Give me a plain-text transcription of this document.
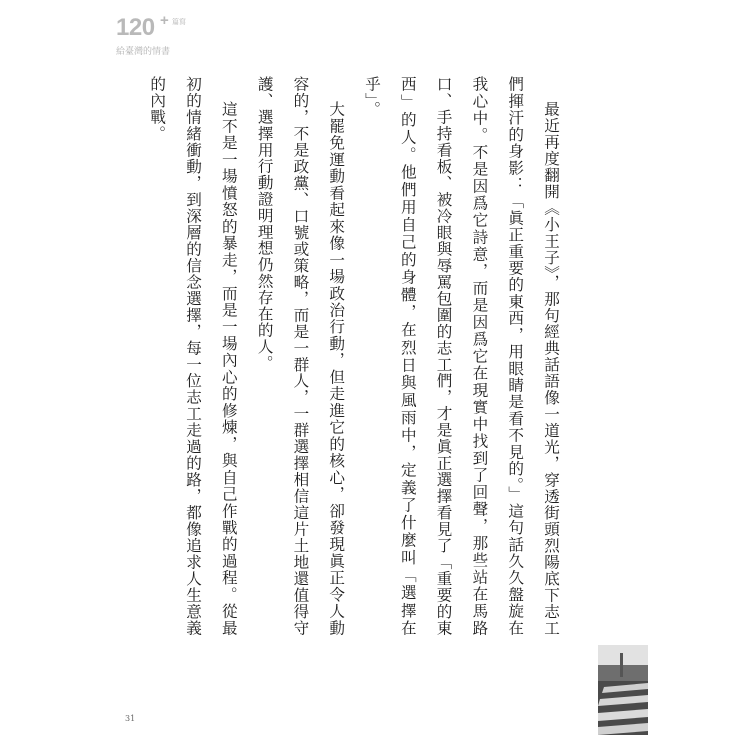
120 + 篇寫
給臺灣的情書

最近再度翻開《小王子》，那句經典話語像一道光，穿透街頭烈陽底下志工們揮汗的身影：「眞正重要的東西，用眼睛是看不見的。」這句話久久盤旋在我心中。不是因爲它詩意，而是因爲它在現實中找到了回聲，那些站在馬路口、手持看板、被冷眼與辱罵包圍的志工們，才是眞正選擇看見了「重要的東西」的人。他們用自己的身體，在烈日與風雨中，定義了什麼叫「選擇在乎」。

大罷免運動看起來像一場政治行動，但走進它的核心，卻發現眞正令人動容的，不是政黨、口號或策略，而是一群人，一群選擇相信這片土地還值得守護、選擇用行動證明理想仍然存在的人。

這不是一場憤怒的暴走，而是一場內心的修煉，與自己作戰的過程。從最初的情緒衝動，到深層的信念選擇，每一位志工走過的路，都像追求人生意義的內戰。

31
